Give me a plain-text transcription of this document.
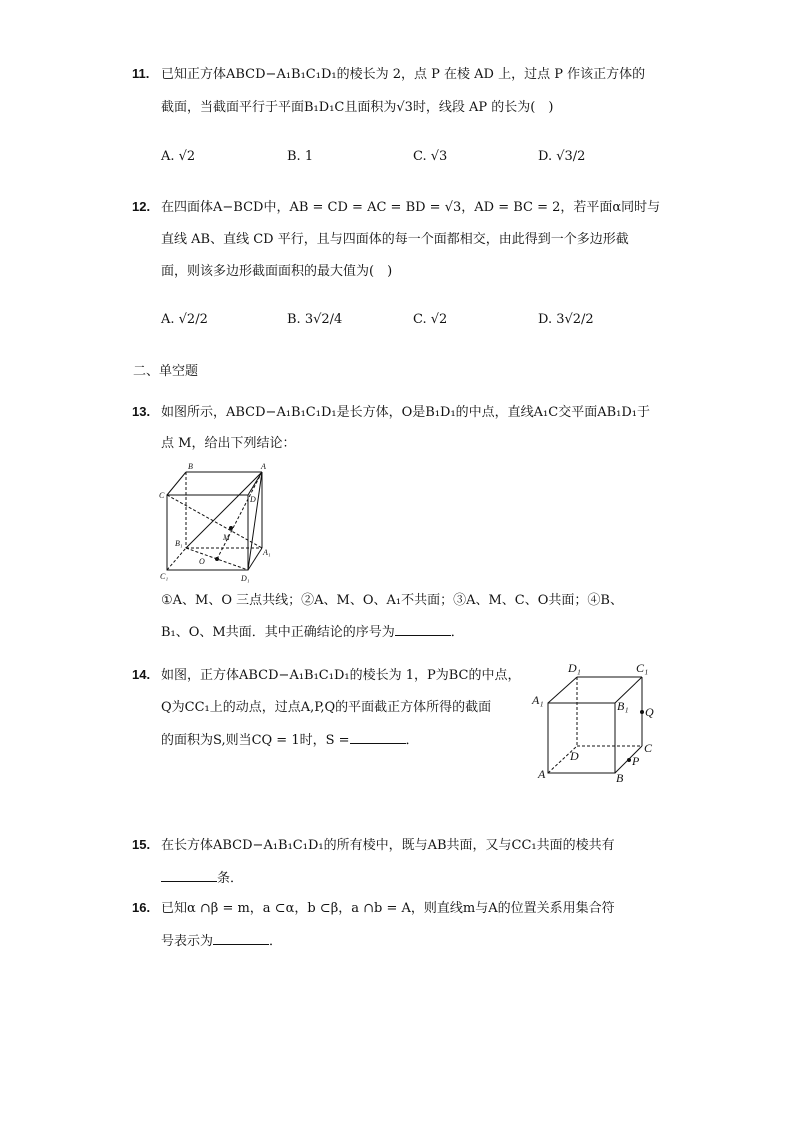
11. 已知正方体ABCD−A₁B₁C₁D₁的棱长为 2，点 P 在棱 AD 上，过点 P 作该正方体的
截面，当截面平行于平面B₁D₁C且面积为√3时，线段 AP 的长为(　)
A. √2	B. 1	C. √3	D. √3/2
12. 在四面体A−BCD中，AB = CD = AC = BD = √3，AD = BC = 2，若平面α同时与
直线 AB、直线 CD 平行，且与四面体的每一个面都相交，由此得到一个多边形截
面，则该多边形截面面积的最大值为(　)
A. √2/2	B. 3√2/4	C. √2	D. 3√2/2
二、单空题
13. 如图所示，ABCD−A₁B₁C₁D₁是长方体，O是B₁D₁的中点，直线A₁C交平面AB₁D₁于
点 M，给出下列结论：
B	A
C	D
M
B₁
A₁
O
C₁	D₁
①A、M、O 三点共线；②A、M、O、A₁不共面；③A、M、C、O共面；④B、
B₁、O、M共面．其中正确结论的序号为	．
14. 如图，正方体ABCD−A₁B₁C₁D₁的棱长为 1，P为BC的中点，
Q为CC₁上的动点，过点A,P,Q的平面截正方体所得的截面
的面积为S,则当CQ = 1时，S =	．
D₁	C₁
A₁	B₁ Q
C
D	P
A	B
15. 在长方体ABCD−A₁B₁C₁D₁的所有棱中，既与AB共面，又与CC₁共面的棱共有
条．
16. 已知α ∩β = m，a ⊂α，b ⊂β，a ∩b = A，则直线m与A的位置关系用集合符
号表示为	．
